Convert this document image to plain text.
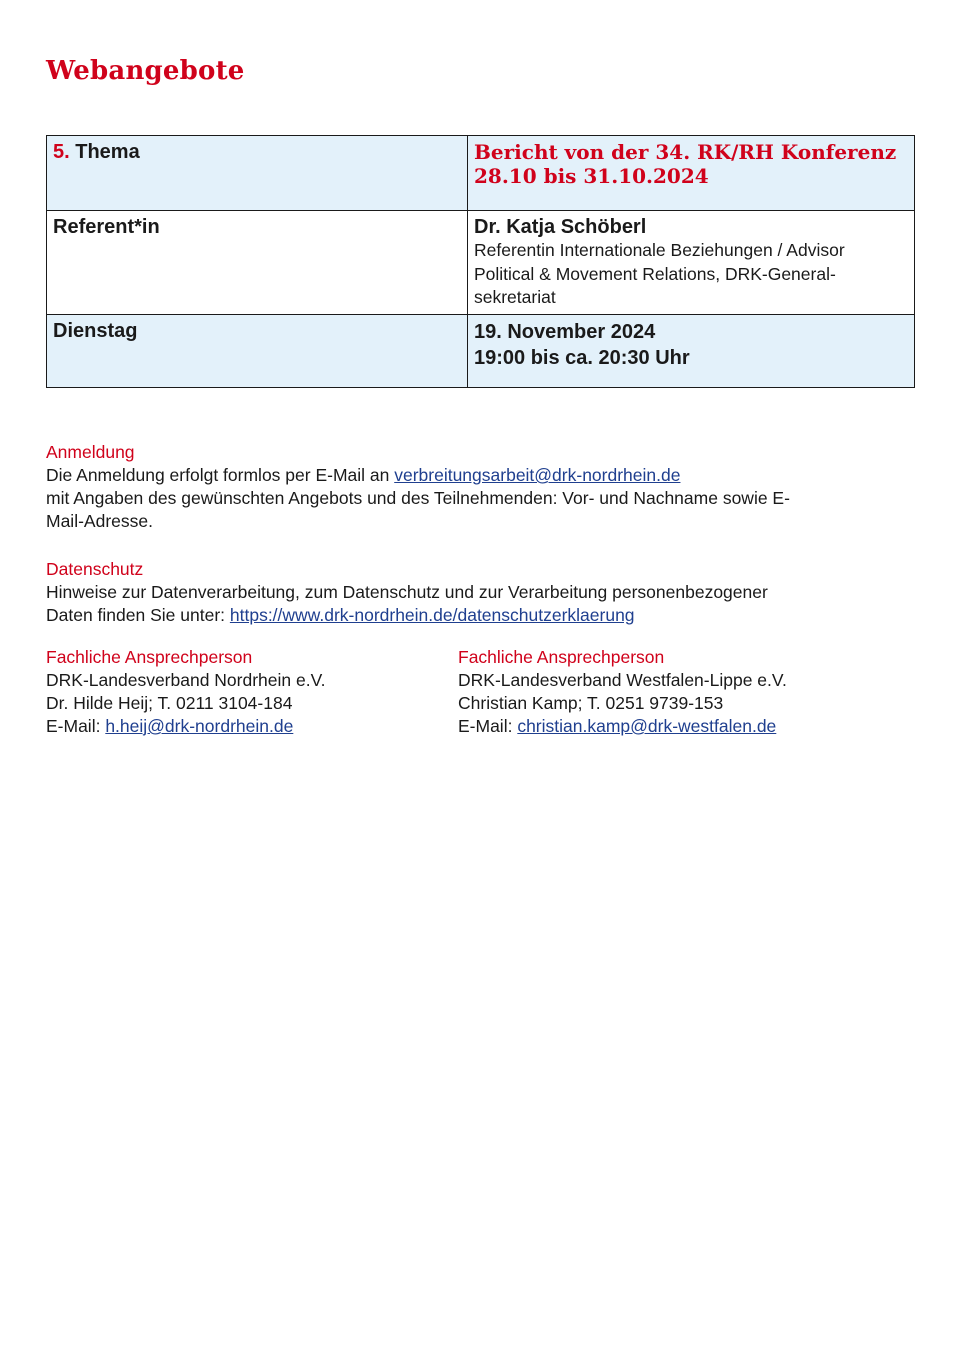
Webangebote
5. Thema	Bericht von der 34. RK/RH Konferenz
28.10 bis 31.10.2024

Referent*in	Dr. Katja Schöberl
Referentin Internationale Beziehungen / Advisor
Political & Movement Relations, DRK-General-
sekretariat

Dienstag	19. November 2024
19:00 bis ca. 20:30 Uhr
Anmeldung
Die Anmeldung erfolgt formlos per E-Mail an verbreitungsarbeit@drk-nordrhein.de
mit Angaben des gewünschten Angebots und des Teilnehmenden: Vor- und Nachname sowie E-
Mail-Adresse.
Datenschutz
Hinweise zur Datenverarbeitung, zum Datenschutz und zur Verarbeitung personenbezogener
Daten finden Sie unter: https://www.drk-nordrhein.de/datenschutzerklaerung
Fachliche Ansprechperson
DRK-Landesverband Nordrhein e.V.
Dr. Hilde Heij; T. 0211 3104-184
E-Mail: h.heij@drk-nordrhein.de
Fachliche Ansprechperson
DRK-Landesverband Westfalen-Lippe e.V.
Christian Kamp; T. 0251 9739-153
E-Mail: christian.kamp@drk-westfalen.de
